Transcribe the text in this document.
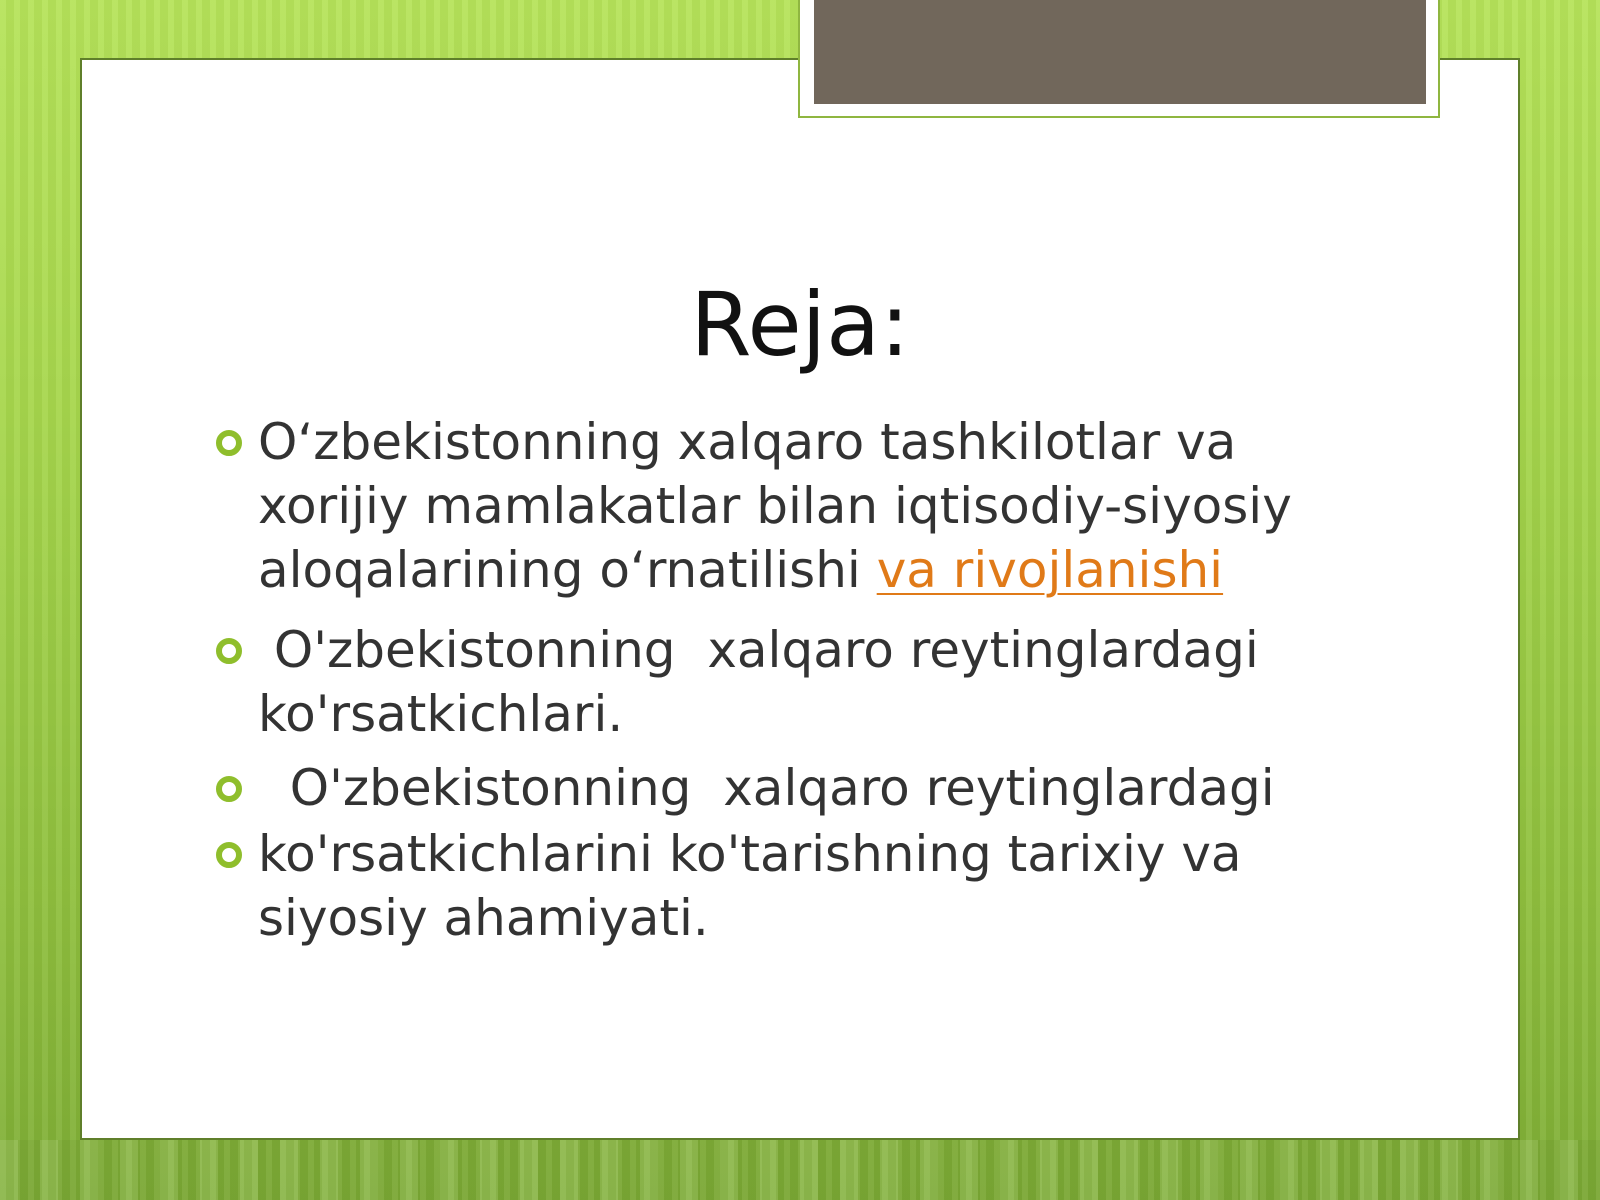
Reja:
O‘zbekistonning xalqaro tashkilotlar va xorijiy mamlakatlar bilan iqtisodiy-siyosiy aloqalarining o‘rnatilishi va rivojlanishi
O'zbekistonning  xalqaro reytinglardagi ko'rsatkichlari.
O'zbekistonning  xalqaro reytinglardagi
ko'rsatkichlarini ko'tarishning tarixiy va siyosiy ahamiyati.
